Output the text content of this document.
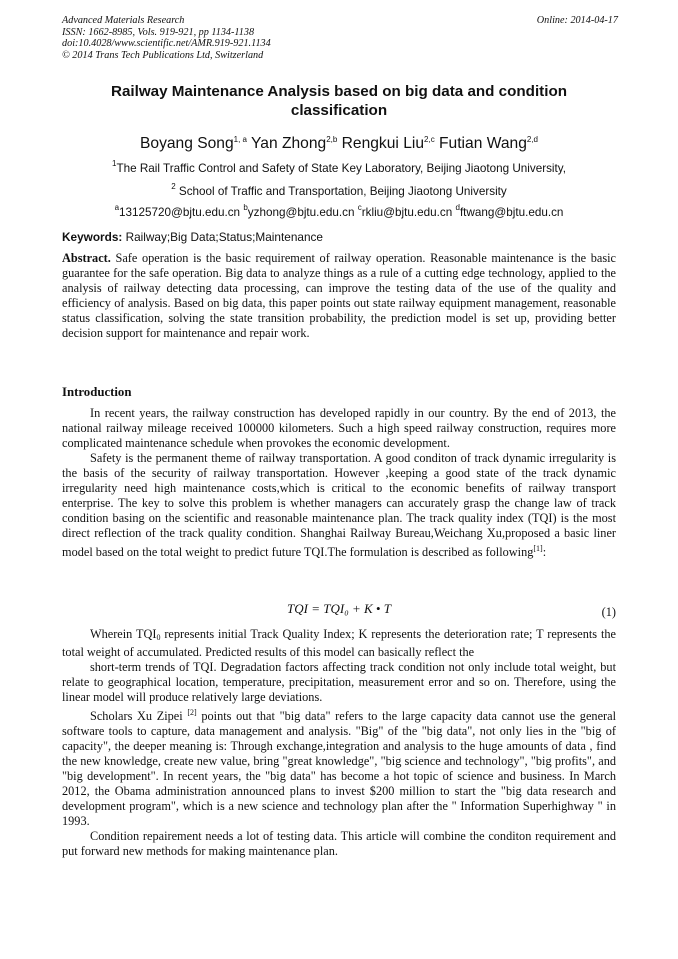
Advanced Materials Research
ISSN: 1662-8985, Vols. 919-921, pp 1134-1138
doi:10.4028/www.scientific.net/AMR.919-921.1134
© 2014 Trans Tech Publications Ltd, Switzerland
Online: 2014-04-17
Railway Maintenance Analysis based on big data and condition
classification
Boyang Song$^{1, a}$ Yan Zhong$^{2,b}$ Rengkui Liu$^{2,c}$ Futian Wang$^{2,d}$
$^1$The Rail Traffic Control and Safety of State Key Laboratory, Beijing Jiaotong University,
$^2$ School of Traffic and Transportation, Beijing Jiaotong University
$^a$13125720@bjtu.edu.cn $^b$yzhong@bjtu.edu.cn $^c$rkliu@bjtu.edu.cn $^d$ftwang@bjtu.edu.cn
Keywords: Railway;Big Data;Status;Maintenance
Abstract. Safe operation is the basic requirement of railway operation. Reasonable maintenance is the basic guarantee for the safe operation. Big data to analyze things as a rule of a cutting edge technology, applied to the analysis of railway detecting data processing, can improve the testing data of the use of the quality and efficiency of analysis. Based on big data, this paper points out state railway equipment management, reasonable status classification, solving the state transition probability, the prediction model is set up, providing better decision support for maintenance and repair work.
Introduction

In recent years, the railway construction has developed rapidly in our country. By the end of 2013, the national railway mileage received 100000 kilometers. Such a high speed railway construction, requires more complicated maintenance schedule when provokes the economic development.

Safety is the permanent theme of railway transportation. A good conditon of track dynamic irregularity is the basis of the security of railway transportation. However ,keeping a good state of the track dynamic irregularity need high maintenance costs,which is critical to the economic benefits of railway transport enterprise. The key to solve this problem is whether managers can accurately grasp the change law of track condition basing on the scientific and reasonable maintenance plan. The track quality index (TQI) is the most direct reflection of the track quality condition. Shanghai Railway Bureau,Weichang Xu,proposed a basic liner model based on the total weight to predict future TQI.The formulation is described as following[1]:

TQI = TQI₀ + K • T	(1)

Wherein $TQI_0$ represents initial Track Quality Index; K represents the deterioration rate; T represents the total weight of accumulated. Predicted results of this model can basically reflect the

short-term trends of TQI. Degradation factors affecting track condition not only include total weight, but relate to geographical location, temperature, precipitation, measurement error and so on. Therefore, using the linear model will produce relatively large deviations.

Scholars Xu Zipei [2] points out that "big data" refers to the large capacity data cannot use the general software tools to capture, data management and analysis. "Big" of the "big data", not only lies in the "big of capacity", the deeper meaning is: Through exchange,integration and analysis to the huge amounts of data , find the new knowledge, create new value, bring "great knowledge", "big science and technology", "big profits", and "big development". In recent years, the "big data" has become a hot topic of science and business. In March 2012, the Obama administration announced plans to invest $200 million to start the "big data research and development program", which is a new science and technology plan after the " Information Superhighway " in 1993.

Condition repairement needs a lot of testing data. This article will combine the conditon requirement and put forward new methods for making maintenance plan.
